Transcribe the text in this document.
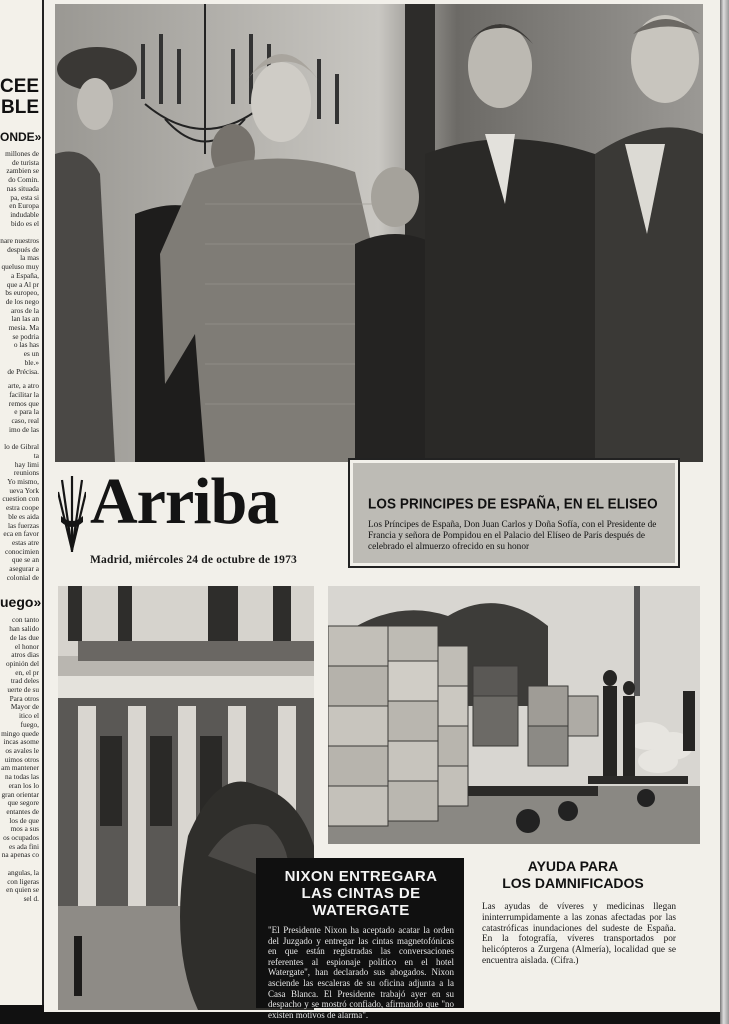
CEE
BLE
ONDE»
millones de
de turista
zambien se
do Comin.
nas situada
pa, esta si
en Europa
indudable
bido es el

nare nuestros
después de
la mas
queluso muy
a España,
que a Al pr
bs europeo,
de los nego
aros de la
lan las an
mesia. Ma
se podria
o las has
es un
ble.»
de Précisa.
arte, a atro
facilitar la
remos que
e para la
caso, real
imo de las

lo de Gibral
ta
hay limi
reunions
Yo mismo,
ueva York
cuestion con
estra coope
ble es aida
las fuerzas
eca en favor
estas atre
conocimien
que se an
asegurar a
colonial de
uego»
con tanto
han salido
de las due
el honor
atros dias
opinión del
en, el pr
trad deles
uerte de su
Para otros
Mayor de
itico el fuego,
mingo quede
incas asome
os avales le
uimos otros
am mantener
na todas las
eran los lo
gran orientar
que segore
entantes de
los de que
mos a sus
os ocupados
es ada fini
na apenas co

angulas, la
con ligeras
en quien se
sel d.
Arriba
Madrid, miércoles 24 de octubre de 1973
LOS PRINCIPES DE ESPAÑA, EN EL ELISEO
Los Príncipes de España, Don Juan Carlos y Doña Sofía, con el Presidente de Francia y señora de Pompidou en el Palacio del Elíseo de París después de celebrado el almuerzo ofrecido en su honor
NIXON ENTREGARA LAS CINTAS DE WATERGATE
"El Presidente Nixon ha aceptado acatar la orden del Juzgado y entregar las cintas magnetofónicas en que están registradas las conversaciones referentes al espionaje político en el hotel Watergate", han declarado sus abogados. Nixon asciende las escaleras de su oficina adjunta a la Casa Blanca. El Presidente trabajó ayer en su despacho y se mostró confiado, afirmando que "no existen motivos de alarma".
AYUDA PARA
LOS DAMNIFICADOS
Las ayudas de víveres y medicinas llegan ininterrumpidamente a las zonas afectadas por las catastróficas inundaciones del sudeste de España. En la fotografía, víveres transportados por helicópteros a Zurgena (Almería), localidad que se encuentra aislada. (Cifra.)
